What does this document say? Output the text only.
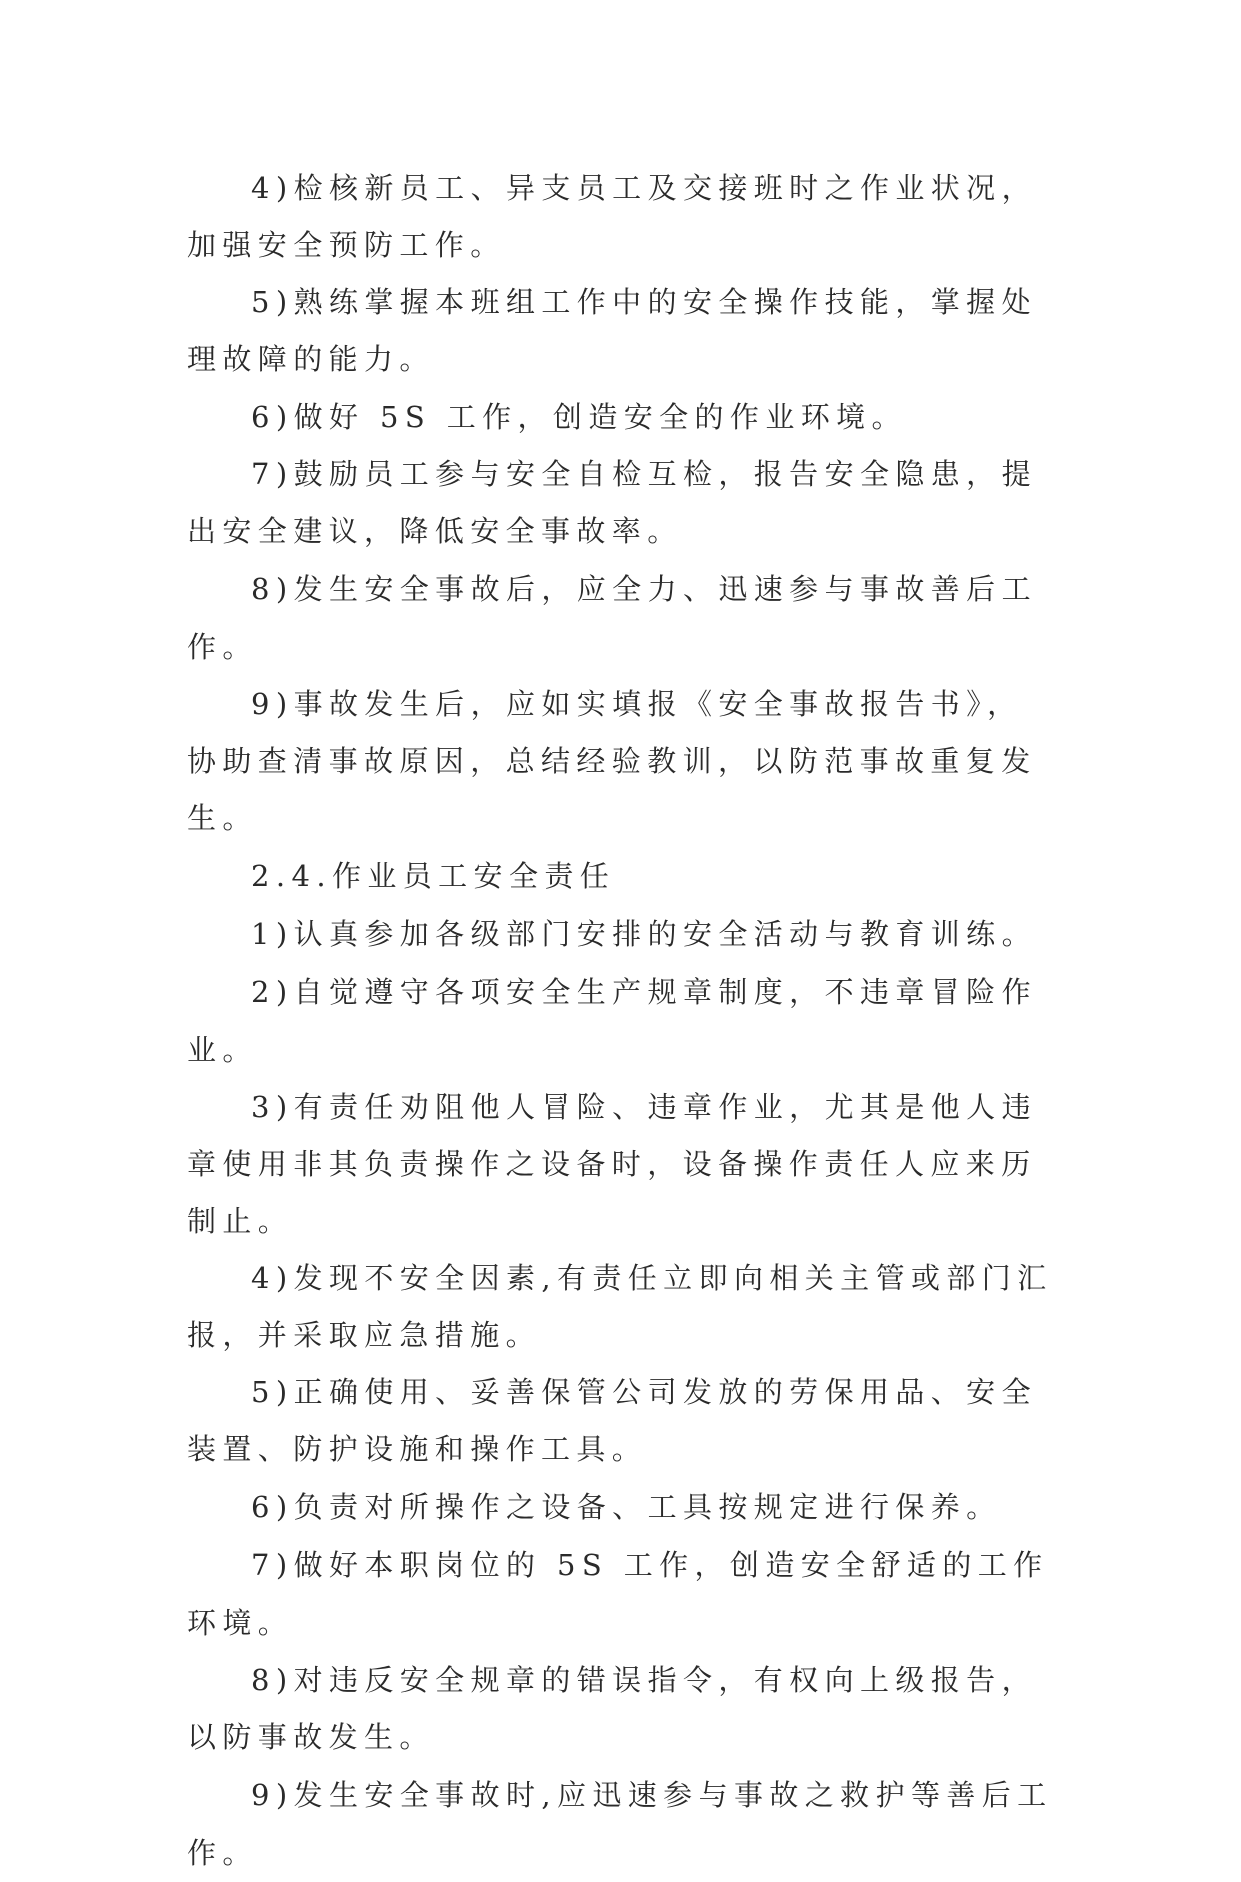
4)检核新员工、异支员工及交接班时之作业状况，加强安全预防工作。

5)熟练掌握本班组工作中的安全操作技能，掌握处理故障的能力。

6)做好 5S 工作，创造安全的作业环境。

7)鼓励员工参与安全自检互检，报告安全隐患，提出安全建议，降低安全事故率。

8)发生安全事故后，应全力、迅速参与事故善后工作。

9)事故发生后，应如实填报《安全事故报告书》，协助查清事故原因，总结经验教训，以防范事故重复发生。

2.4.作业员工安全责任

1)认真参加各级部门安排的安全活动与教育训练。

2)自觉遵守各项安全生产规章制度，不违章冒险作业。

3)有责任劝阻他人冒险、违章作业，尤其是他人违章使用非其负责操作之设备时，设备操作责任人应来历制止。

4)发现不安全因素,有责任立即向相关主管或部门汇报，并采取应急措施。

5)正确使用、妥善保管公司发放的劳保用品、安全装置、防护设施和操作工具。

6)负责对所操作之设备、工具按规定进行保养。

7)做好本职岗位的 5S 工作，创造安全舒适的工作环境。

8)对违反安全规章的错误指令，有权向上级报告，以防事故发生。

9)发生安全事故时,应迅速参与事故之救护等善后工作。
